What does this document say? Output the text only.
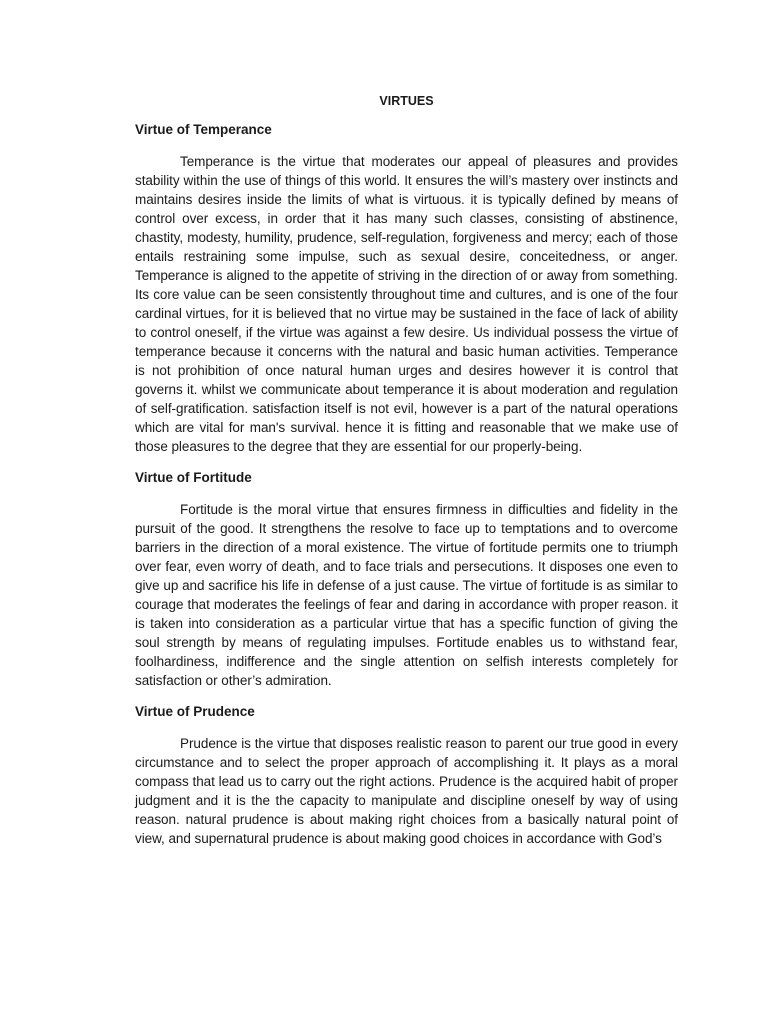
VIRTUES
Virtue of Temperance

Temperance is the virtue that moderates our appeal of pleasures and provides stability within the use of things of this world. It ensures the will’s mastery over instincts and maintains desires inside the limits of what is virtuous. it is typically defined by means of control over excess, in order that it has many such classes, consisting of abstinence, chastity, modesty, humility, prudence, self-regulation, forgiveness and mercy; each of those entails restraining some impulse, such as sexual desire, conceitedness, or anger. Temperance is aligned to the appetite of striving in the direction of or away from something. Its core value can be seen consistently throughout time and cultures, and is one of the four cardinal virtues, for it is believed that no virtue may be sustained in the face of lack of ability to control oneself, if the virtue was against a few desire. Us individual possess the virtue of temperance because it concerns with the natural and basic human activities. Temperance is not prohibition of once natural human urges and desires however it is control that governs it. whilst we communicate about temperance it is about moderation and regulation of self-gratification. satisfaction itself is not evil, however is a part of the natural operations which are vital for man's survival. hence it is fitting and reasonable that we make use of those pleasures to the degree that they are essential for our properly-being.

Virtue of Fortitude

Fortitude is the moral virtue that ensures firmness in difficulties and fidelity in the pursuit of the good. It strengthens the resolve to face up to temptations and to overcome barriers in the direction of a moral existence. The virtue of fortitude permits one to triumph over fear, even worry of death, and to face trials and persecutions. It disposes one even to give up and sacrifice his life in defense of a just cause. The virtue of fortitude is as similar to courage that moderates the feelings of fear and daring in accordance with proper reason. it is taken into consideration as a particular virtue that has a specific function of giving the soul strength by means of regulating impulses. Fortitude enables us to withstand fear, foolhardiness, indifference and the single attention on selfish interests completely for satisfaction or other’s admiration.

Virtue of Prudence

Prudence is the virtue that disposes realistic reason to parent our true good in every circumstance and to select the proper approach of accomplishing it. It plays as a moral compass that lead us to carry out the right actions. Prudence is the acquired habit of proper judgment and it is the the capacity to manipulate and discipline oneself by way of using reason. natural prudence is about making right choices from a basically natural point of view, and supernatural prudence is about making good choices in accordance with God’s
